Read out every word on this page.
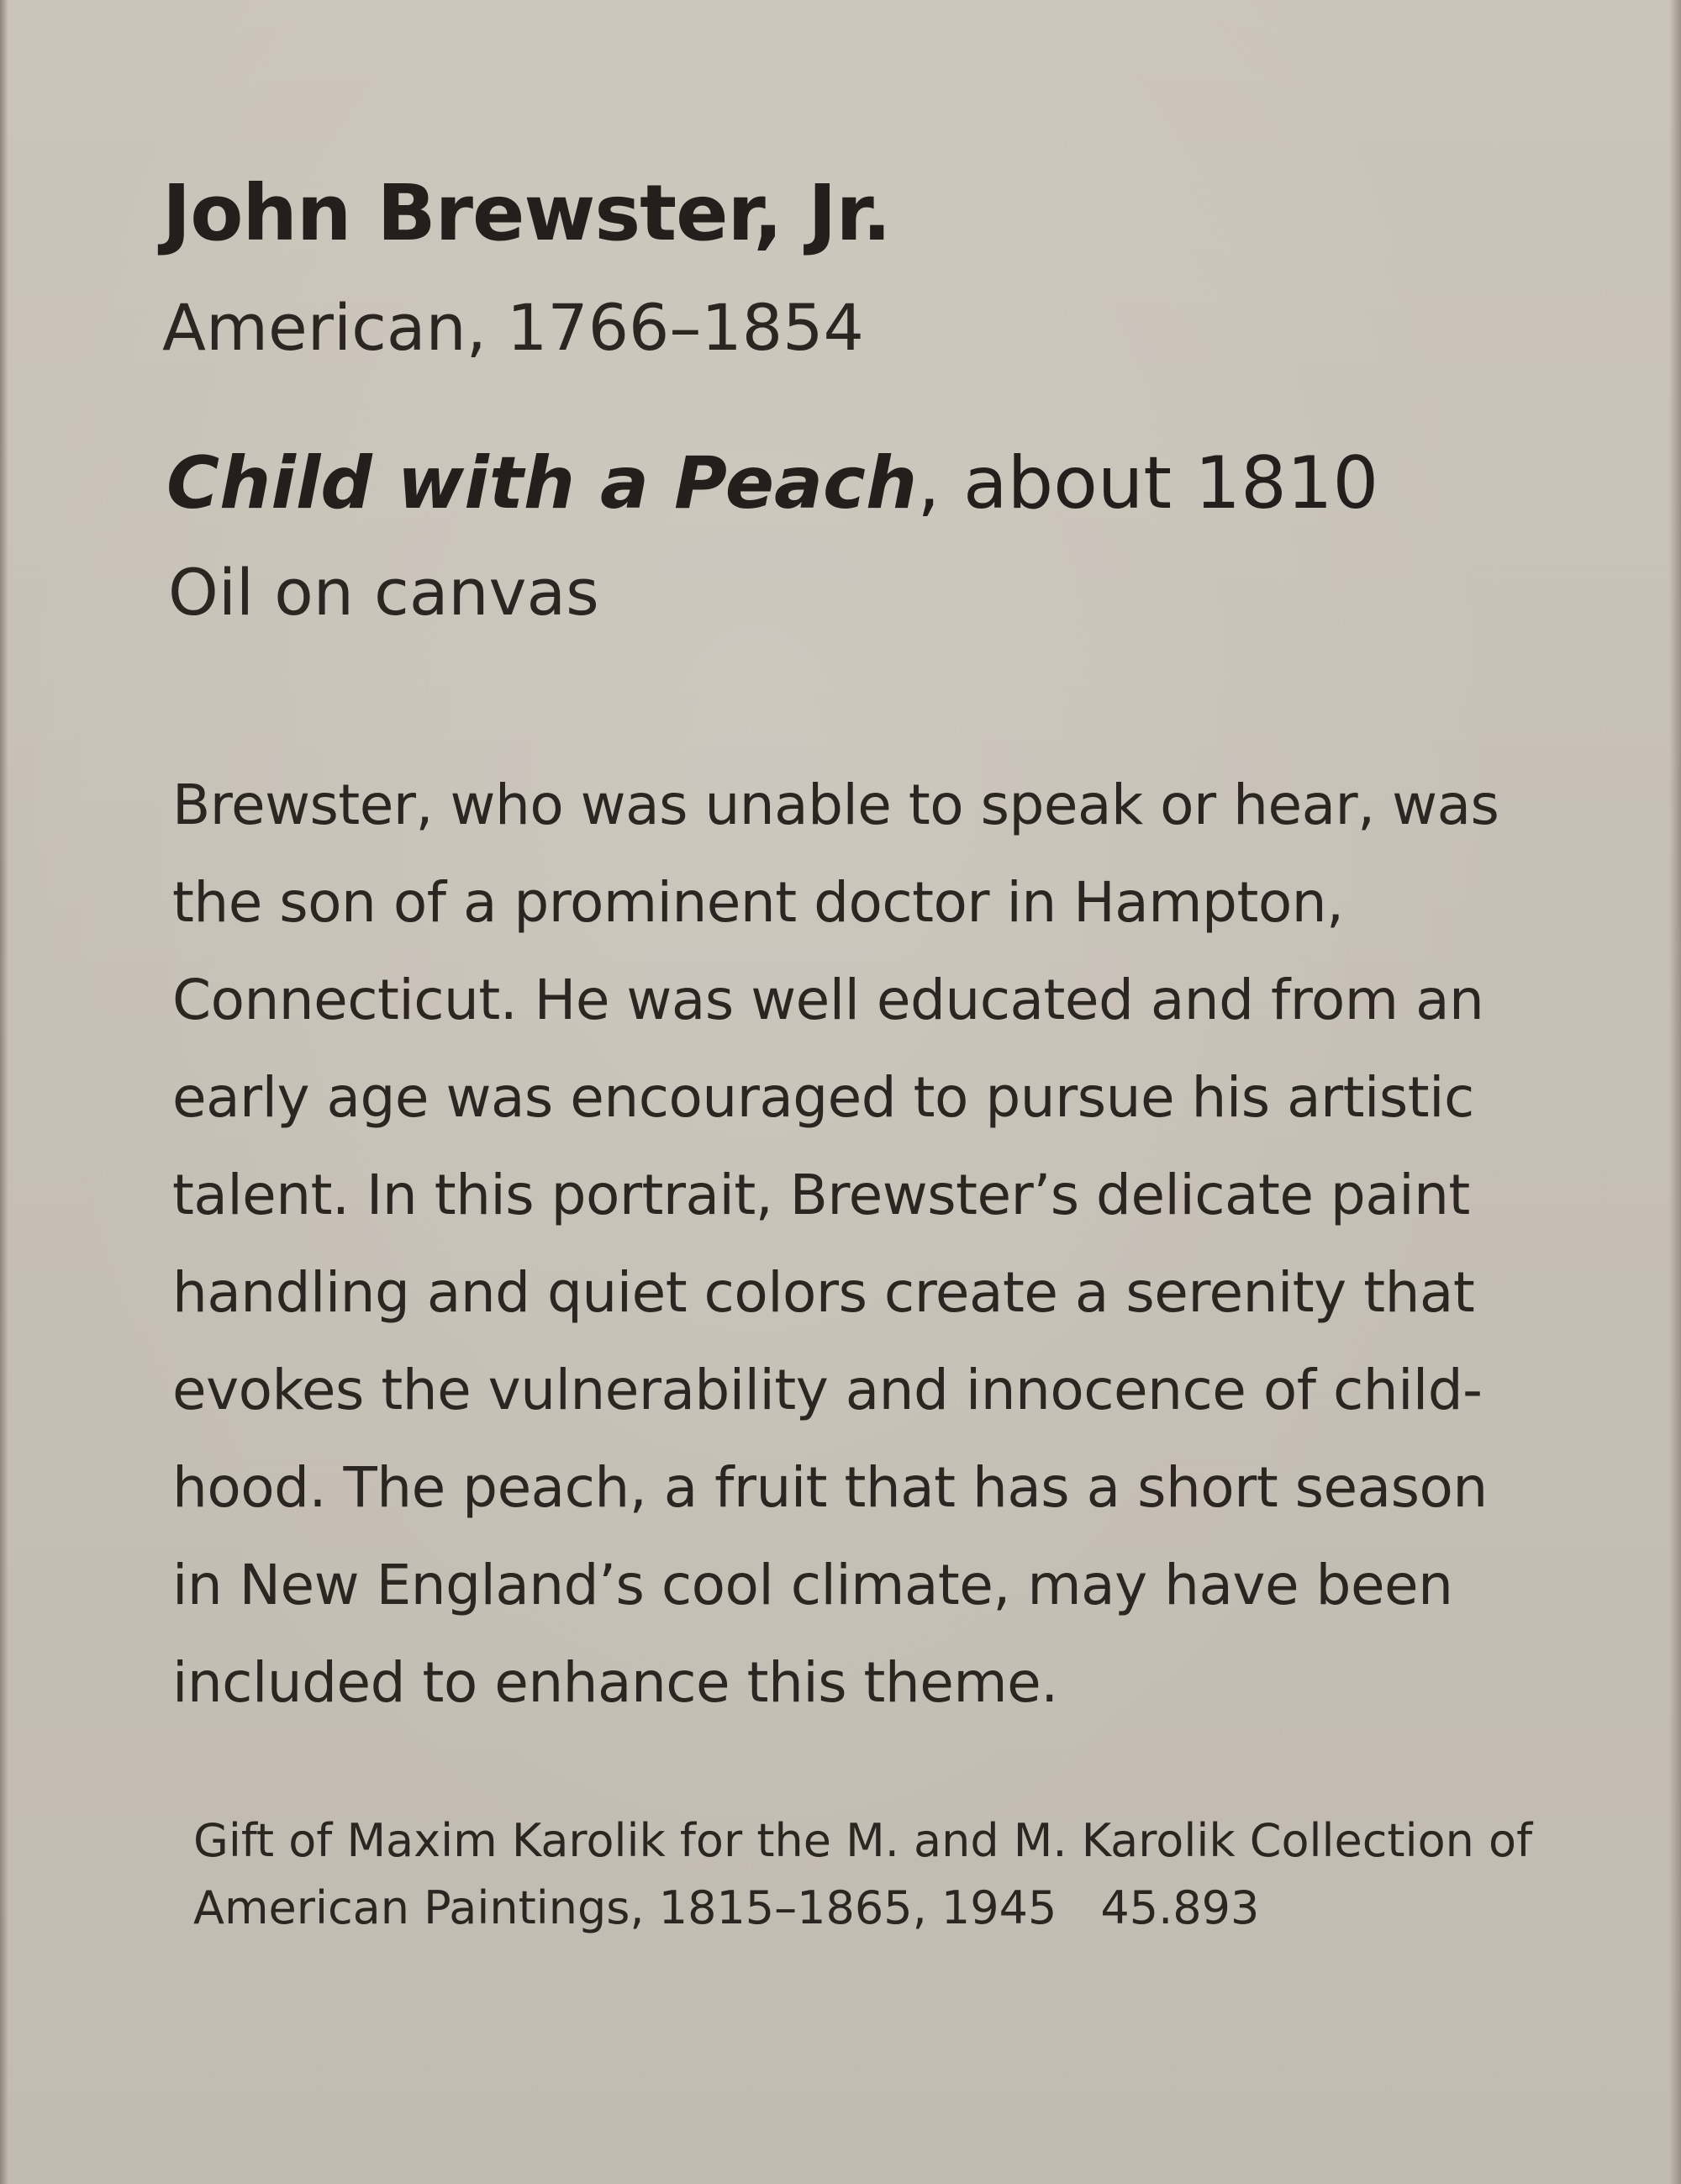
John Brewster, Jr.
American, 1766–1854
Child with a Peach, about 1810
Oil on canvas
Brewster, who was unable to speak or hear, was
the son of a prominent doctor in Hampton,
Connecticut. He was well educated and from an
early age was encouraged to pursue his artistic
talent. In this portrait, Brewster’s delicate paint
handling and quiet colors create a serenity that
evokes the vulnerability and innocence of child-
hood. The peach, a fruit that has a short season
in New England’s cool climate, may have been
included to enhance this theme.
Gift of Maxim Karolik for the M. and M. Karolik Collection of
American Paintings, 1815–1865, 1945 45.893
